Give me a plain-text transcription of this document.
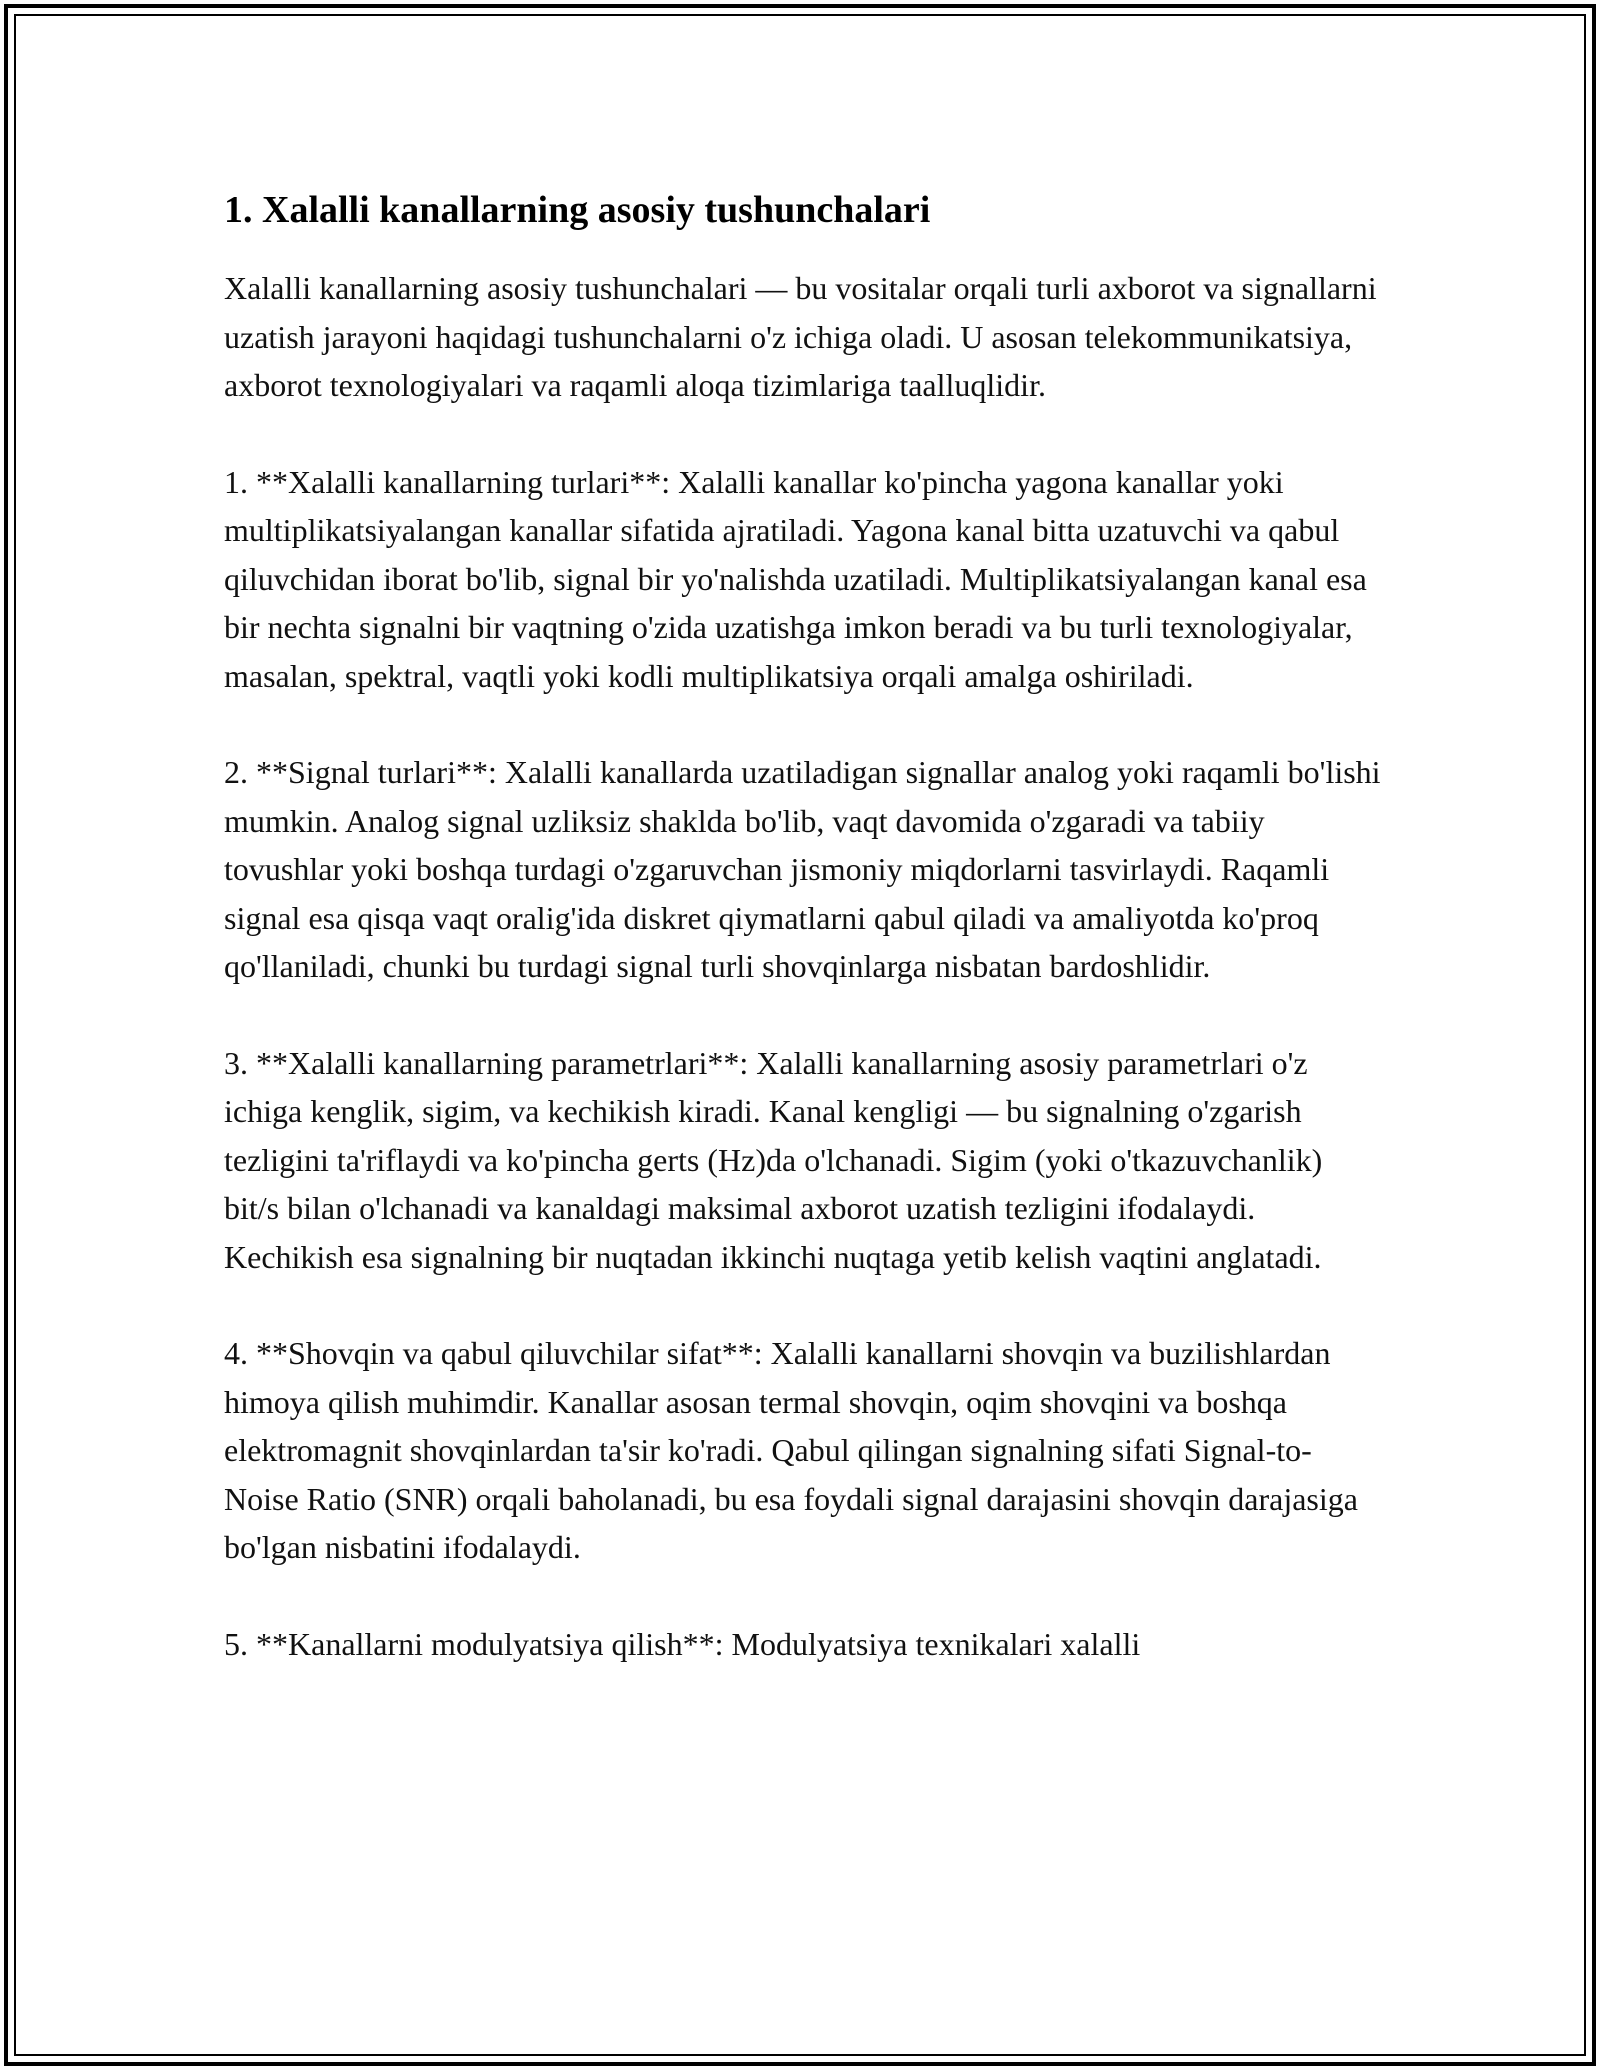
1. Xalalli kanallarning asosiy tushunchalari

Xalalli kanallarning asosiy tushunchalari — bu vositalar orqali turli axborot va signallarni uzatish jarayoni haqidagi tushunchalarni o'z ichiga oladi. U asosan telekommunikatsiya, axborot texnologiyalari va raqamli aloqa tizimlariga taalluqlidir.

1. **Xalalli kanallarning turlari**: Xalalli kanallar ko'pincha yagona kanallar yoki multiplikatsiyalangan kanallar sifatida ajratiladi. Yagona kanal bitta uzatuvchi va qabul qiluvchidan iborat bo'lib, signal bir yo'nalishda uzatiladi. Multiplikatsiyalangan kanal esa bir nechta signalni bir vaqtning o'zida uzatishga imkon beradi va bu turli texnologiyalar, masalan, spektral, vaqtli yoki kodli multiplikatsiya orqali amalga oshiriladi.

2. **Signal turlari**: Xalalli kanallarda uzatiladigan signallar analog yoki raqamli bo'lishi mumkin. Analog signal uzliksiz shaklda bo'lib, vaqt davomida o'zgaradi va tabiiy tovushlar yoki boshqa turdagi o'zgaruvchan jismoniy miqdorlarni tasvirlaydi. Raqamli signal esa qisqa vaqt oralig'ida diskret qiymatlarni qabul qiladi va amaliyotda ko'proq qo'llaniladi, chunki bu turdagi signal turli shovqinlarga nisbatan bardoshlidir.

3. **Xalalli kanallarning parametrlari**: Xalalli kanallarning asosiy parametrlari o'z ichiga kenglik, sigim, va kechikish kiradi. Kanal kengligi — bu signalning o'zgarish tezligini ta'riflaydi va ko'pincha gerts (Hz)da o'lchanadi. Sigim (yoki o'tkazuvchanlik) bit/s bilan o'lchanadi va kanaldagi maksimal axborot uzatish tezligini ifodalaydi. Kechikish esa signalning bir nuqtadan ikkinchi nuqtaga yetib kelish vaqtini anglatadi.

4. **Shovqin va qabul qiluvchilar sifat**: Xalalli kanallarni shovqin va buzilishlardan himoya qilish muhimdir. Kanallar asosan termal shovqin, oqim shovqini va boshqa elektromagnit shovqinlardan ta'sir ko'radi. Qabul qilingan signalning sifati Signal-to-Noise Ratio (SNR) orqali baholanadi, bu esa foydali signal darajasini shovqin darajasiga bo'lgan nisbatini ifodalaydi.

5. **Kanallarni modulyatsiya qilish**: Modulyatsiya texnikalari xalalli
